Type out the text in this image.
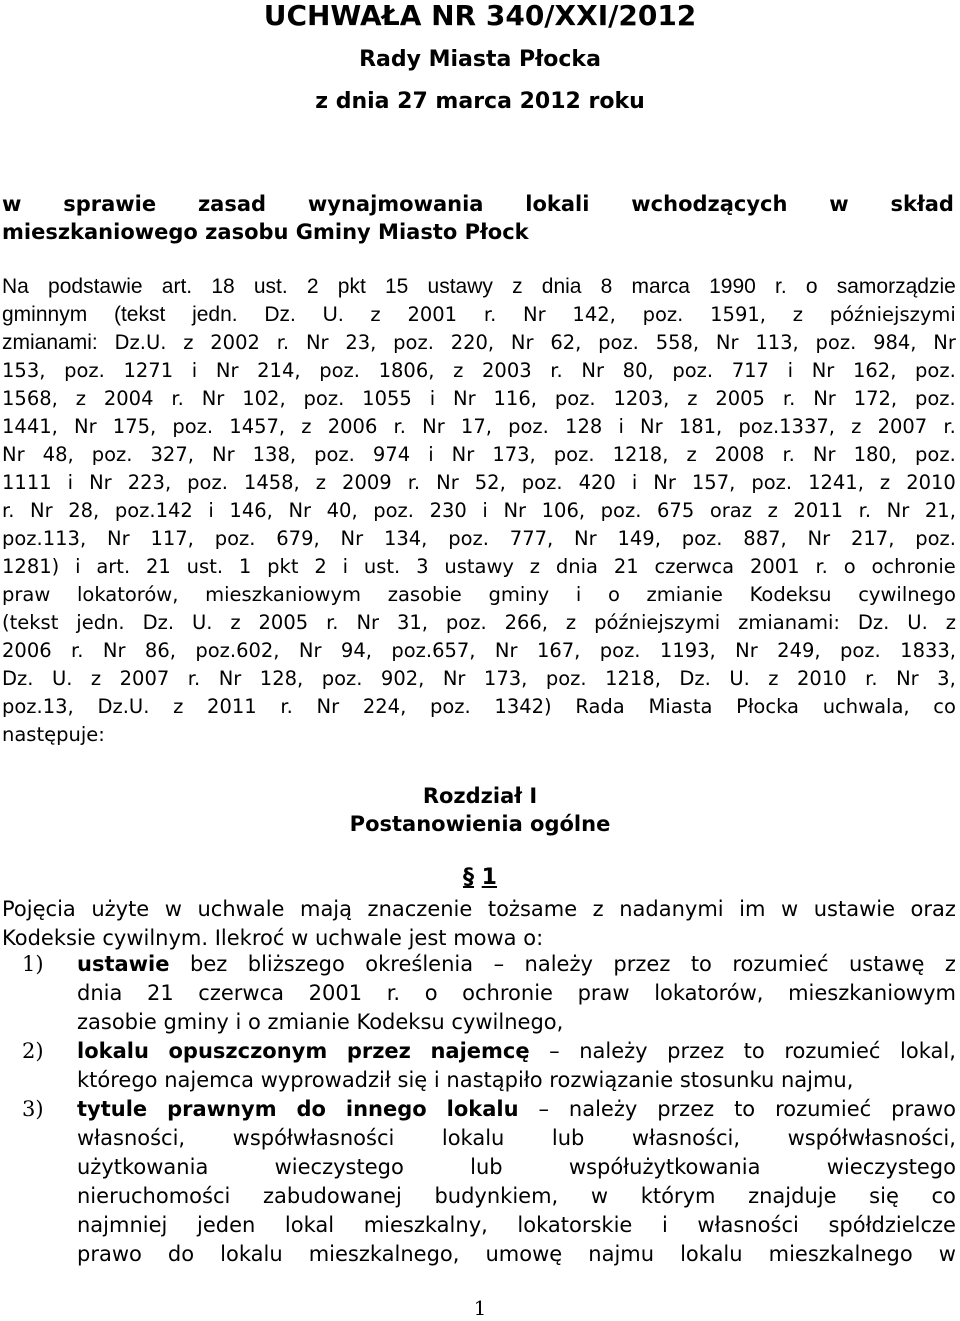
UCHWAŁA NR 340/XXI/2012
Rady Miasta Płocka
z dnia 27 marca 2012 roku
w sprawie zasad wynajmowania lokali wchodzących w skład
mieszkaniowego zasobu Gminy Miasto Płock
Na podstawie art. 18 ust. 2 pkt 15 ustawy z dnia 8 marca 1990 r. o samorządzie
gminnym (tekst jedn. Dz. U. z 2001 r. Nr 142, poz. 1591, z późniejszymi
zmianami: Dz.U. z 2002 r. Nr 23, poz. 220, Nr 62, poz. 558, Nr 113, poz. 984, Nr
153, poz. 1271 i Nr 214, poz. 1806, z 2003 r. Nr 80, poz. 717 i Nr 162, poz.
1568, z 2004 r. Nr 102, poz. 1055 i Nr 116, poz. 1203, z 2005 r. Nr 172, poz.
1441, Nr 175, poz. 1457, z 2006 r. Nr 17, poz. 128 i Nr 181, poz.1337, z 2007 r.
Nr 48, poz. 327, Nr 138, poz. 974 i Nr 173, poz. 1218, z 2008 r. Nr 180, poz.
1111 i Nr 223, poz. 1458, z 2009 r. Nr 52, poz. 420 i Nr 157, poz. 1241, z 2010
r. Nr 28, poz.142 i 146, Nr 40, poz. 230 i Nr 106, poz. 675 oraz z 2011 r. Nr 21,
poz.113, Nr 117, poz. 679, Nr 134, poz. 777, Nr 149, poz. 887, Nr 217, poz.
1281) i art. 21 ust. 1 pkt 2 i ust. 3 ustawy z dnia 21 czerwca 2001 r. o ochronie
praw lokatorów, mieszkaniowym zasobie gminy i o zmianie Kodeksu cywilnego
(tekst jedn. Dz. U. z 2005 r. Nr 31, poz. 266, z późniejszymi zmianami: Dz. U. z
2006 r. Nr 86, poz.602, Nr 94, poz.657, Nr 167, poz. 1193, Nr 249, poz. 1833,
Dz. U. z 2007 r. Nr 128, poz. 902, Nr 173, poz. 1218, Dz. U. z 2010 r. Nr 3,
poz.13, Dz.U. z 2011 r. Nr 224, poz. 1342) Rada Miasta Płocka uchwala, co
następuje:
Rozdział I
Postanowienia ogólne
§ 1
Pojęcia użyte w uchwale mają znaczenie tożsame z nadanymi im w ustawie oraz
Kodeksie cywilnym. Ilekroć w uchwale jest mowa o:
1) ustawie bez bliższego określenia – należy przez to rozumieć ustawę z
dnia 21 czerwca 2001 r. o ochronie praw lokatorów, mieszkaniowym
zasobie gminy i o zmianie Kodeksu cywilnego,
2) lokalu opuszczonym przez najemcę – należy przez to rozumieć lokal,
którego najemca wyprowadził się i nastąpiło rozwiązanie stosunku najmu,
3) tytule prawnym do innego lokalu – należy przez to rozumieć prawo
własności, współwłasności lokalu lub własności, współwłasności,
użytkowania	wieczystego	lub	współużytkowania	wieczystego
nieruchomości zabudowanej budynkiem, w którym znajduje się co
najmniej jeden lokal mieszkalny, lokatorskie i własności spółdzielcze
prawo do lokalu mieszkalnego, umowę najmu lokalu mieszkalnego w
1
